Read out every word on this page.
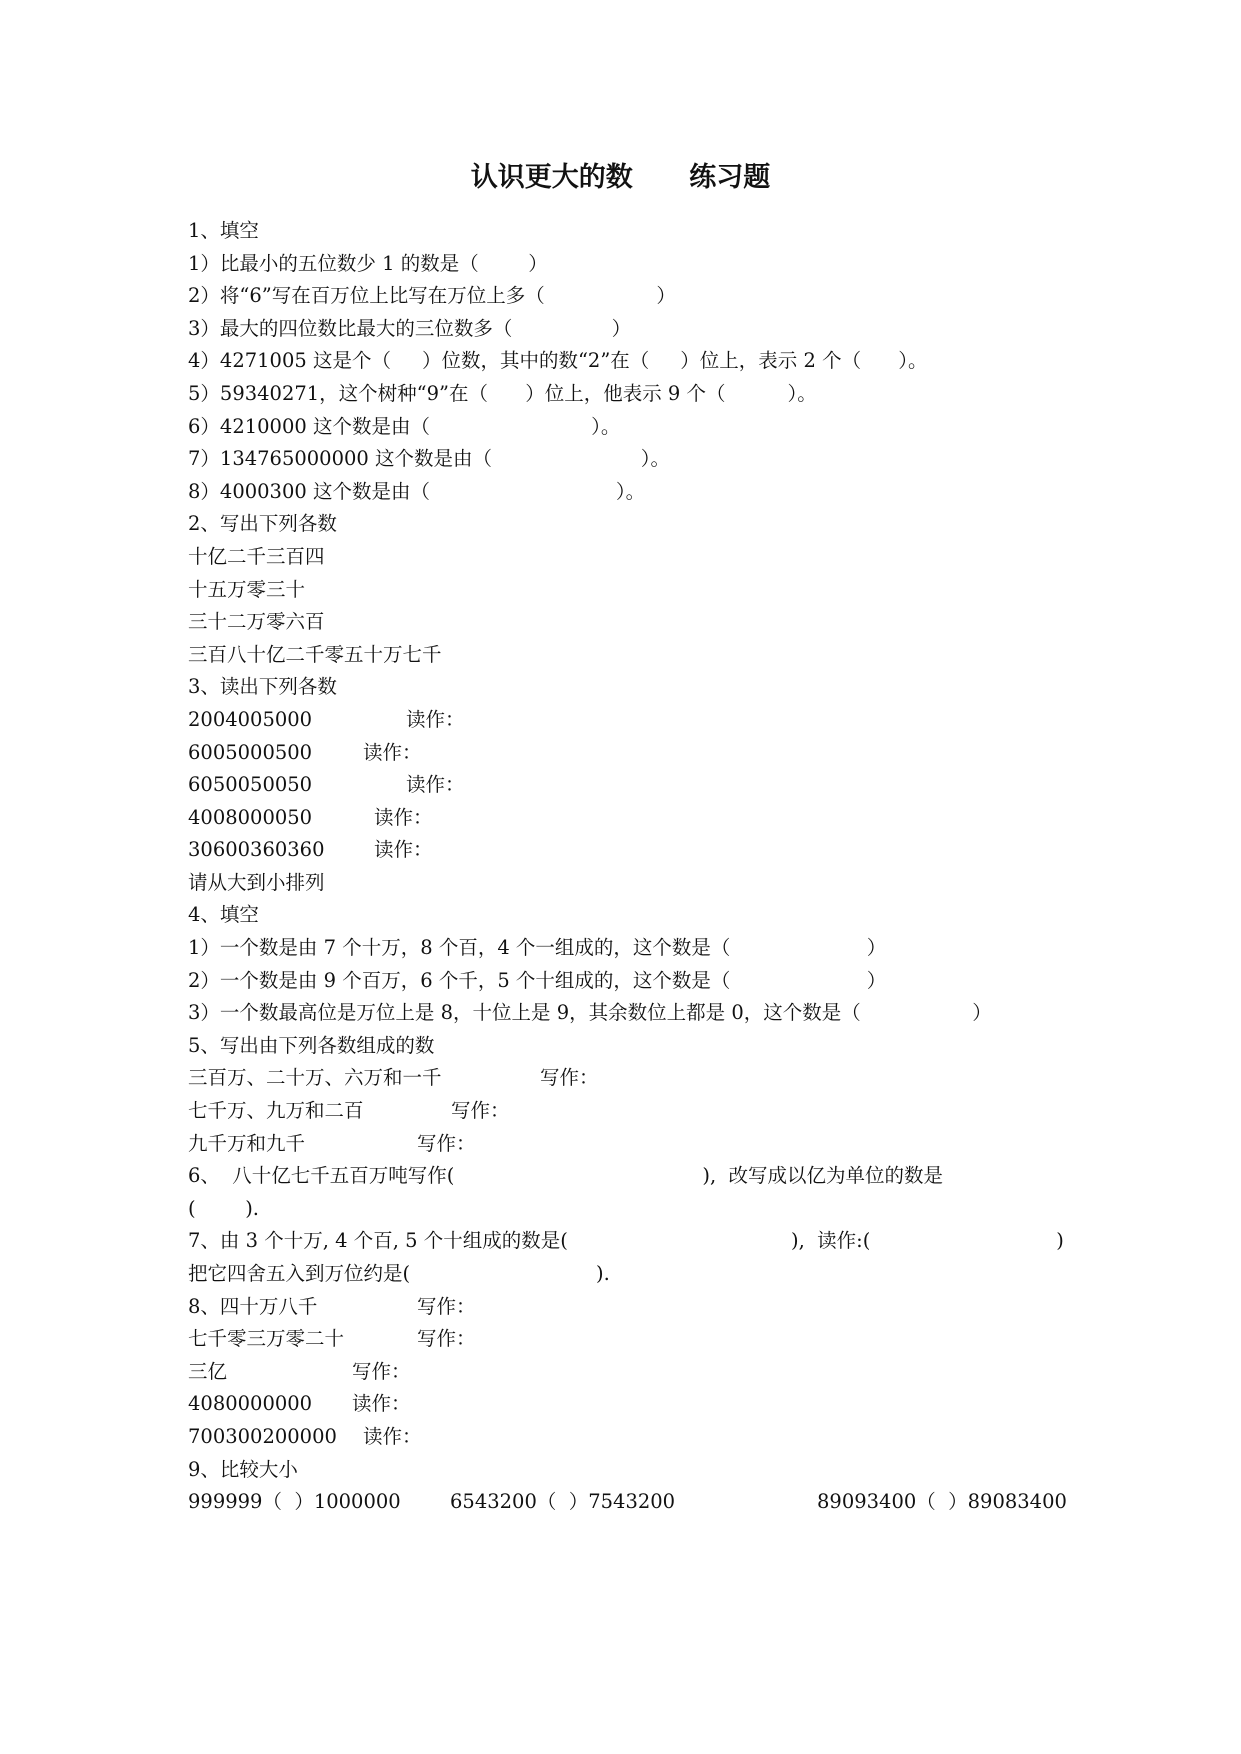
认识更大的数      练习题
1、填空
1）比最小的五位数少 1 的数是（        ）
2）将“6”写在百万位上比写在万位上多（                  ）
3）最大的四位数比最大的三位数多（                ）
4）4271005 这是个（     ）位数，其中的数“2”在（     ）位上，表示 2 个（      ）。
5）59340271，这个树种“9”在（      ）位上，他表示 9 个（          ）。
6）4210000 这个数是由（                          ）。
7）134765000000 这个数是由（                        ）。
8）4000300 这个数是由（                              ）。
2、写出下列各数
十亿二千三百四
十五万零三十
三十二万零六百
三百八十亿二千零五十万七千
3、读出下列各数
2004005000	读作：
6005000500	读作：
6050050050	读作：
4008000050	读作：
30600360360	读作：
请从大到小排列
4、填空
1）一个数是由 7 个十万，8 个百，4 个一组成的，这个数是（                      ）
2）一个数是由 9 个百万，6 个千，5 个十组成的，这个数是（                      ）
3）一个数最高位是万位上是 8，十位上是 9，其余数位上都是 0，这个数是（                  ）
5、写出由下列各数组成的数
三百万、二十万、六万和一千	写作：
七千万、九万和二百	写作：
九千万和九千	写作：
6、  八十亿七千五百万吨写作(                                        ),  改写成以亿为单位的数是
(        ).
7、由 3 个十万, 4 个百, 5 个十组成的数是(                                    ),  读作:(                              )
把它四舍五入到万位约是(                              ).
8、四十万八千	写作：
七千零三万零二十	写作：
三亿	写作：
4080000000 读作：
700300200000 读作：
9、比较大小
999999（  ）1000000	6543200（  ）7543200	89093400（  ）89083400
